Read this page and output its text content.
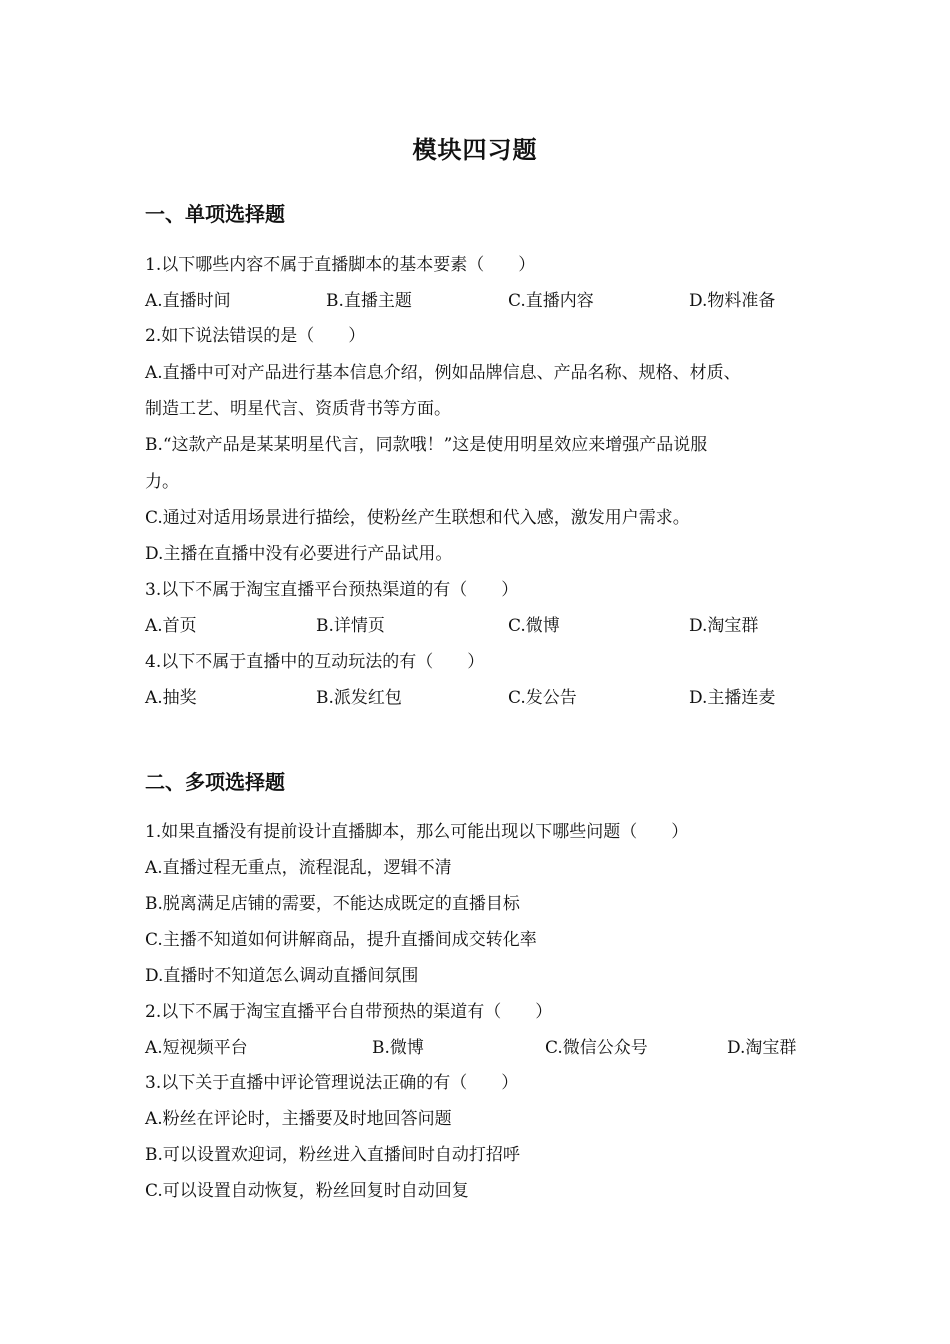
模块四习题
一、单项选择题
1.以下哪些内容不属于直播脚本的基本要素（　　）
A.直播时间	B.直播主题	C.直播内容	D.物料准备
2.如下说法错误的是（　　）
A.直播中可对产品进行基本信息介绍，例如品牌信息、产品名称、规格、材质、
制造工艺、明星代言、资质背书等方面。
B.“这款产品是某某明星代言，同款哦！”这是使用明星效应来增强产品说服
力。
C.通过对适用场景进行描绘，使粉丝产生联想和代入感，激发用户需求。
D.主播在直播中没有必要进行产品试用。
3.以下不属于淘宝直播平台预热渠道的有（　　）
A.首页	B.详情页	C.微博	D.淘宝群
4.以下不属于直播中的互动玩法的有（　　）
A.抽奖	B.派发红包	C.发公告	D.主播连麦
二、多项选择题
1.如果直播没有提前设计直播脚本，那么可能出现以下哪些问题（　　）
A.直播过程无重点，流程混乱，逻辑不清
B.脱离满足店铺的需要，不能达成既定的直播目标
C.主播不知道如何讲解商品，提升直播间成交转化率
D.直播时不知道怎么调动直播间氛围
2.以下不属于淘宝直播平台自带预热的渠道有（　　）
A.短视频平台	B.微博	C.微信公众号	D.淘宝群
3.以下关于直播中评论管理说法正确的有（　　）
A.粉丝在评论时，主播要及时地回答问题
B.可以设置欢迎词，粉丝进入直播间时自动打招呼
C.可以设置自动恢复，粉丝回复时自动回复
